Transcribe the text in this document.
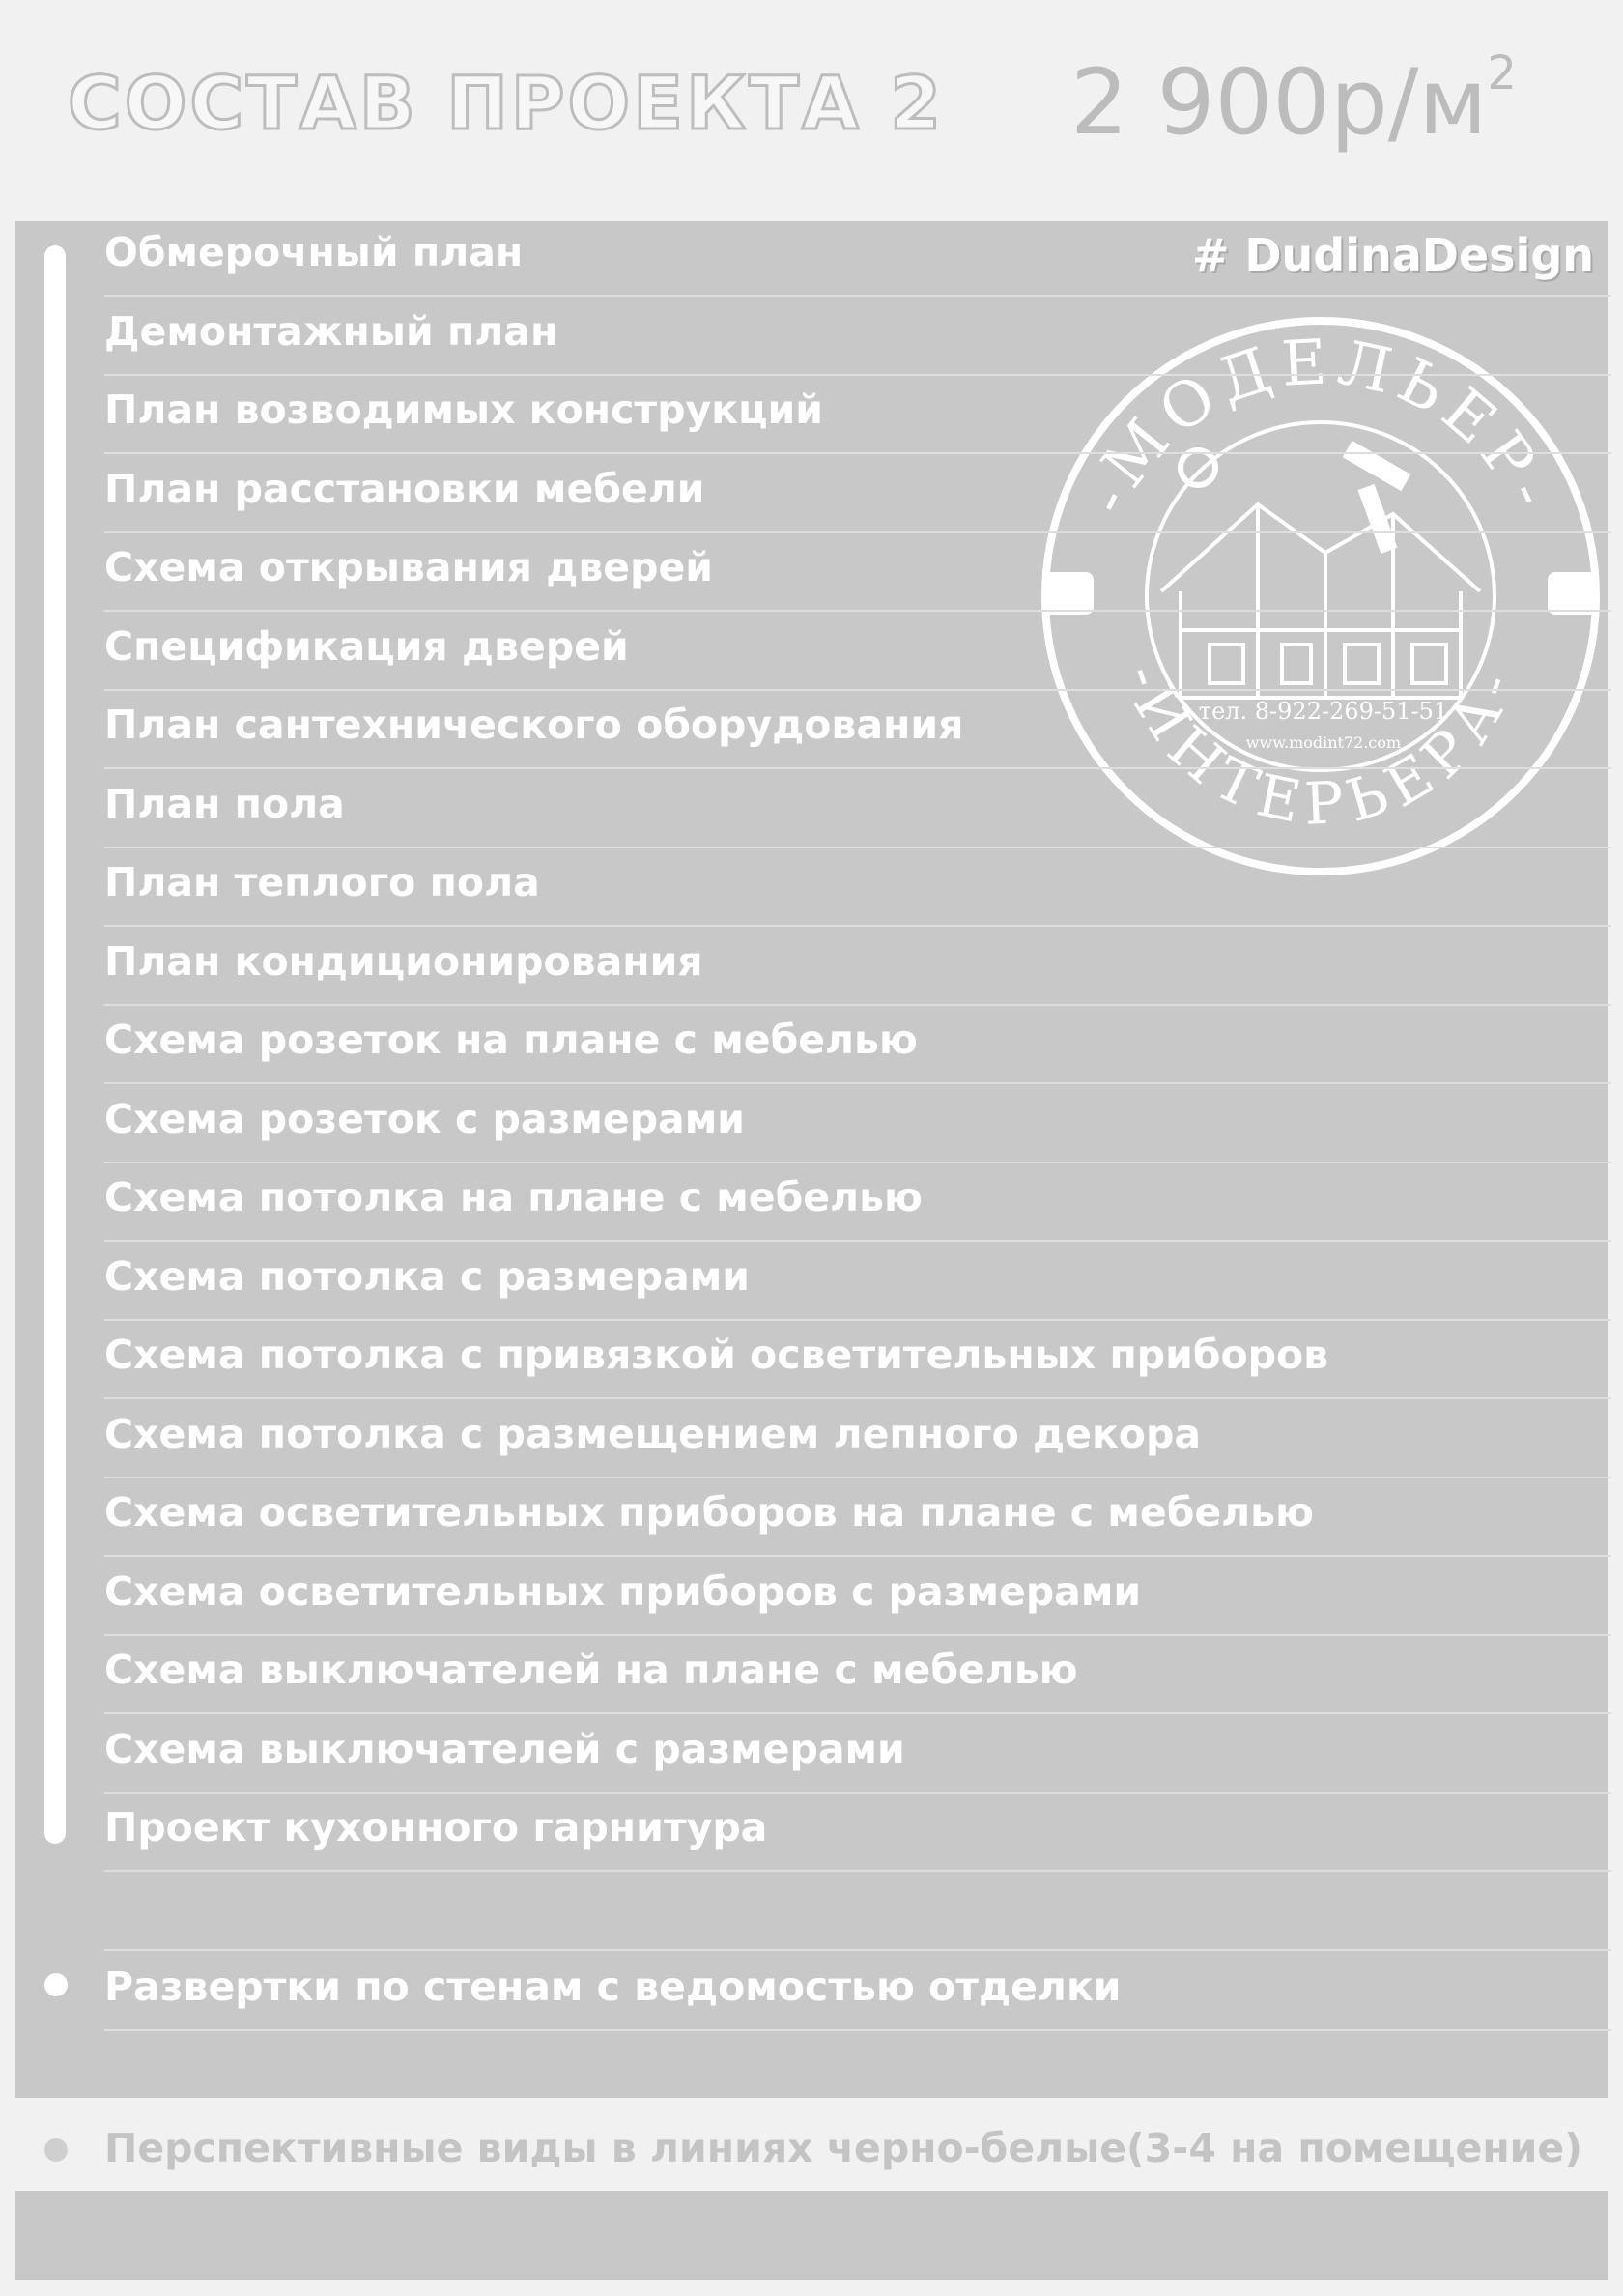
СОСТАВ ПРОЕКТА 2 2 $900р/м^2$
# DudinaDesign
-МОДЕЛЬЕР-
-ИНТЕРЬЕРА-
тел. 8-922-269-51-51
www.modint72.com
Обмерочный план
Демонтажный план
План возводимых конструкций
План расстановки мебели
Схема открывания дверей
Спецификация дверей
План сантехнического оборудования
План пола
План теплого пола
План кондиционирования
Схема розеток на плане с мебелью
Схема розеток с размерами
Схема потолка на плане с мебелью
Схема потолка с размерами
Схема потолка с привязкой осветительных приборов
Схема потолка с размещением лепного декора
Схема осветительных приборов на плане с мебелью
Схема осветительных приборов с размерами
Схема выключателей на плане с мебелью
Схема выключателей с размерами
Проект кухонного гарнитура
Развертки по стенам с ведомостью отделки
Перспективные виды в линиях черно-белые(3-4 на помещение)
